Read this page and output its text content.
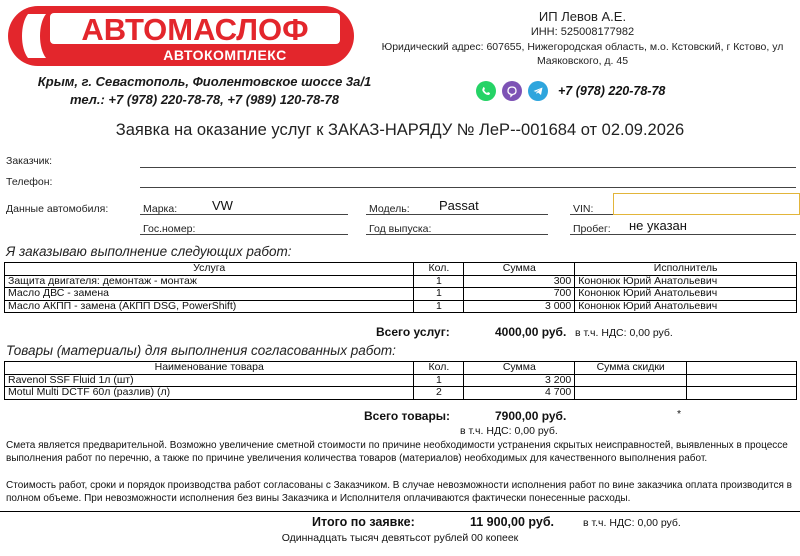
АВТОМАСЛОФ
АВТОКОМПЛЕКС
Крым, г. Севастополь, Фиолентовское шоссе 3а/1
тел.: +7 (978) 220-78-78, +7 (989) 120-78-78
ИП Левов А.Е.
ИНН: 525008177982
Юридический адрес: 607655, Нижегородская область, м.о. Кстовский, г Кстово, ул
Маяковского, д. 45
+7 (978) 220-78-78
Заявка на оказание услуг к ЗАКАЗ-НАРЯДУ № ЛеР--001684 от 02.09.2026
Заказчик:
Телефон:
Данные автомобиля:	Марка:	VW	Модель: Passat	VIN:
Гос.номер:	Год выпуска:	Пробег: не указан
Я заказываю выполнение следующих работ:
Услуга	Кол.	Сумма	Исполнитель
Защита двигателя: демонтаж - монтаж	1	300	Кононюк Юрий Анатольевич
Масло ДВС - замена	1	700	Кононюк Юрий Анатольевич
Масло АКПП - замена (АКПП DSG, PowerShift)	1	3 000	Кононюк Юрий Анатольевич
Всего услуг:	4000,00 руб. в т.ч. НДС: 0,00 руб.
Товары (материалы) для выполнения согласованных работ:
Наименование товара	Кол.	Сумма	Сумма скидки	
Ravenol SSF Fluid 1л (шт)	1	3 200		
Motul Multi DCTF 60л (разлив) (л)	2	4 700		
Всего товары:	7900,00 руб.	*
в т.ч. НДС: 0,00 руб.
Смета является предварительной. Возможно увеличение сметной стоимости по причине необходимости устранения скрытых неисправностей, выявленных в процессе выполнения работ по перечню, а также по причине увеличения количества товаров (материалов) необходимых для качественного выполнения работ.
Стоимость работ, сроки и порядок производства работ согласованы с Заказчиком. В случае невозможности исполнения работ по вине заказчика оплата производится в полном объеме. При невозможности исполнения без вины Заказчика и Исполнителя оплачиваются фактически понесенные расходы.
Итого по заявке:	11 900,00 руб.	в т.ч. НДС: 0,00 руб.
Одиннадцать тысяч девятьсот рублей 00 копеек
